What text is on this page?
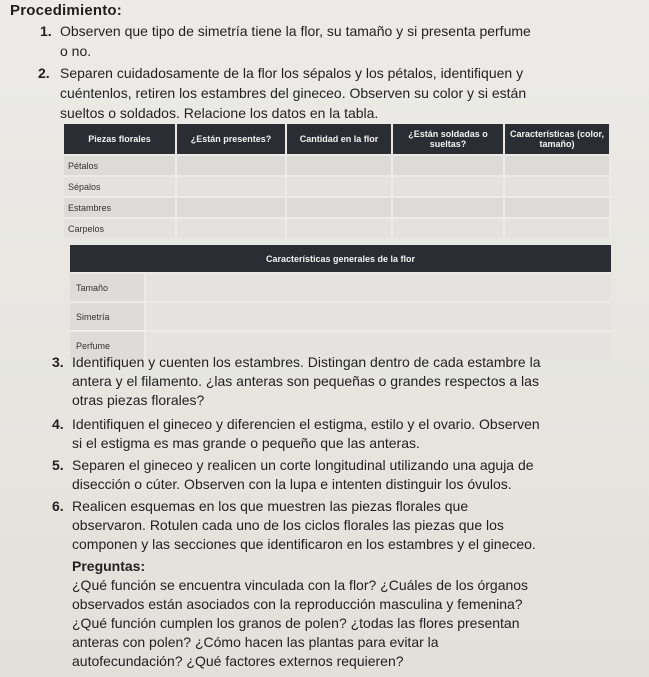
Procedimiento:
1. Observen que tipo de simetría tiene la flor, su tamaño y si presenta perfume
o no.
2. Separen cuidadosamente de la flor los sépalos y los pétalos, identifiquen y
cuéntenlos, retiren los estambres del gineceo. Observen su color y si están
sueltos o soldados. Relacione los datos en la tabla.
Piezas florales	¿Están presentes?	Cantidad en la flor	¿Están soldadas o sueltas?	Características (color, tamaño)
Pétalos				
Sépalos				
Estambres				
Carpelos				
Características generales de la flor	
Tamaño	
Simetría	
Perfume	
3. Identifiquen y cuenten los estambres. Distingan dentro de cada estambre la
antera y el filamento. ¿las anteras son pequeñas o grandes respectos a las
otras piezas florales?
4. Identifiquen el gineceo y diferencien el estigma, estilo y el ovario. Observen
si el estigma es mas grande o pequeño que las anteras.
5. Separen el gineceo y realicen un corte longitudinal utilizando una aguja de
disección o cúter. Observen con la lupa e intenten distinguir los óvulos.
6. Realicen esquemas en los que muestren las piezas florales que
observaron. Rotulen cada uno de los ciclos florales las piezas que los
componen y las secciones que identificaron en los estambres y el gineceo.
Preguntas:
¿Qué función se encuentra vinculada con la flor? ¿Cuáles de los órganos
observados están asociados con la reproducción masculina y femenina?
¿Qué función cumplen los granos de polen? ¿todas las flores presentan
anteras con polen? ¿Cómo hacen las plantas para evitar la
autofecundación? ¿Qué factores externos requieren?
